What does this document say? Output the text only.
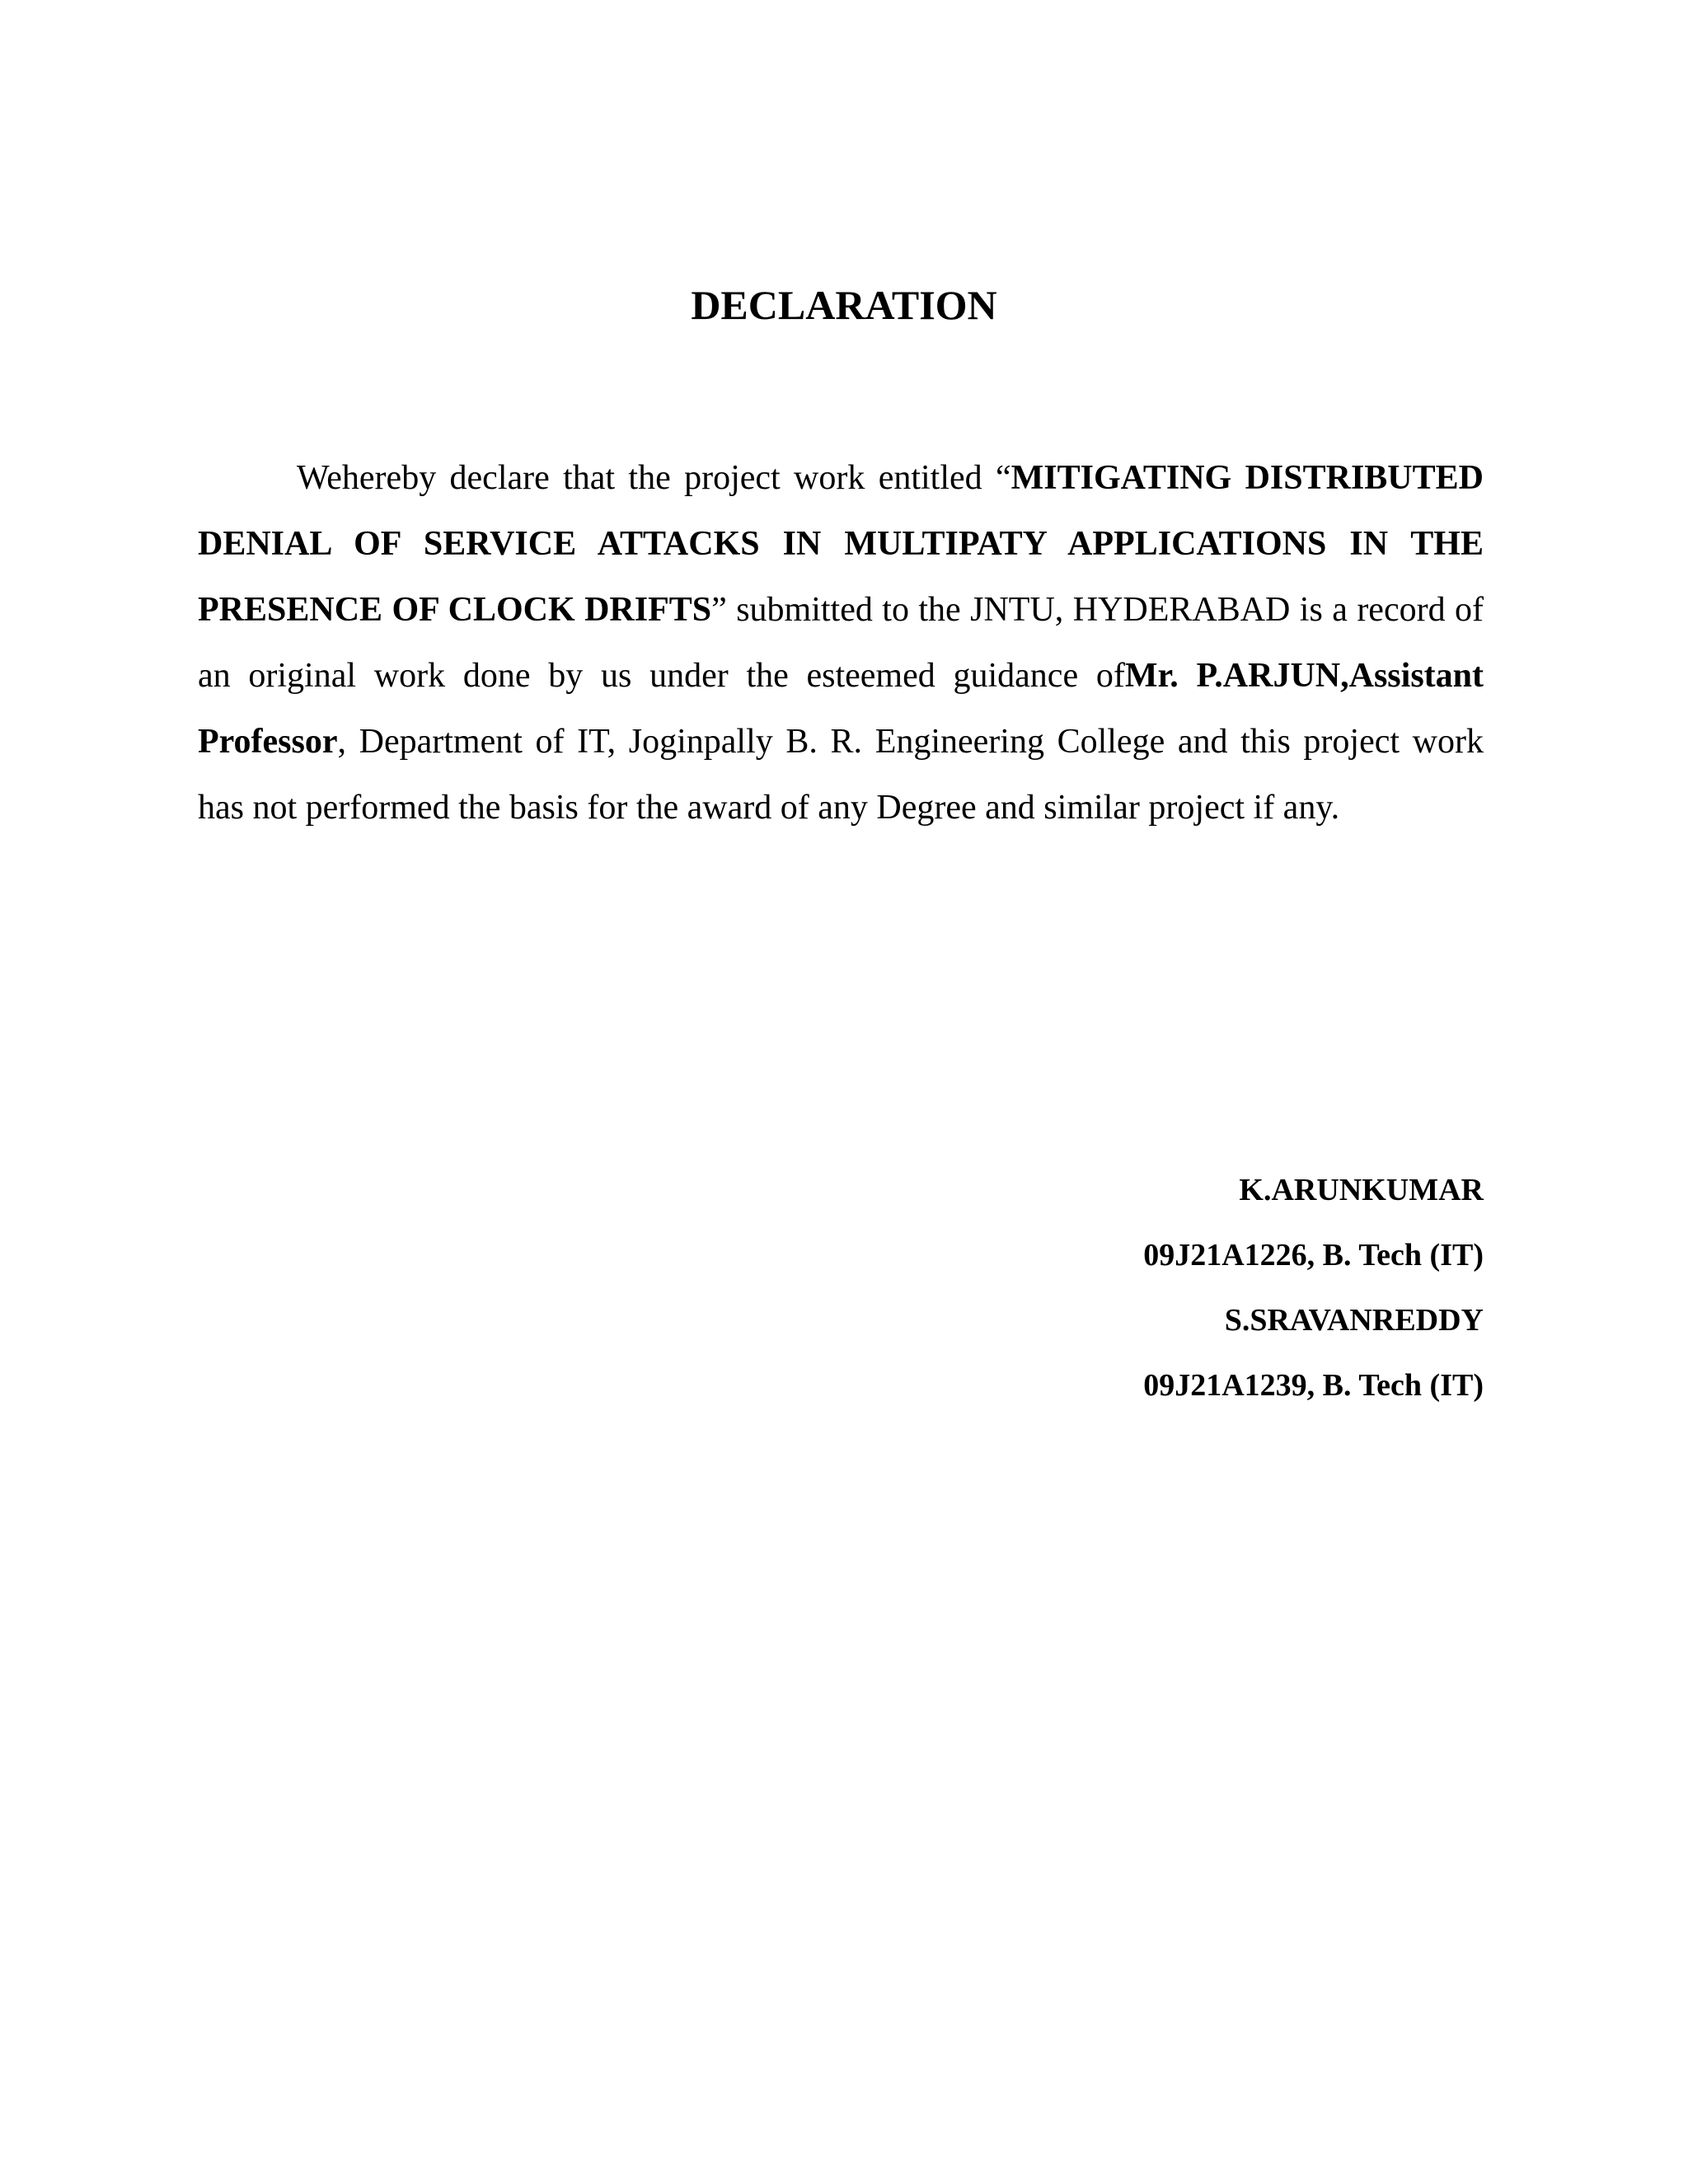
DECLARATION

Wehereby declare that the project work entitled “MITIGATING DISTRIBUTED DENIAL OF SERVICE ATTACKS IN MULTIPATY APPLICATIONS IN THE PRESENCE OF CLOCK DRIFTS” submitted to the JNTU, HYDERABAD is a record of an original work done by us under the esteemed guidance ofMr. P.ARJUN,Assistant Professor, Department of IT, Joginpally B. R. Engineering College and this project work has not performed the basis for the award of any Degree and similar project if any.

K.ARUNKUMAR
09J21A1226, B. Tech (IT)
S.SRAVANREDDY
09J21A1239, B. Tech (IT)
